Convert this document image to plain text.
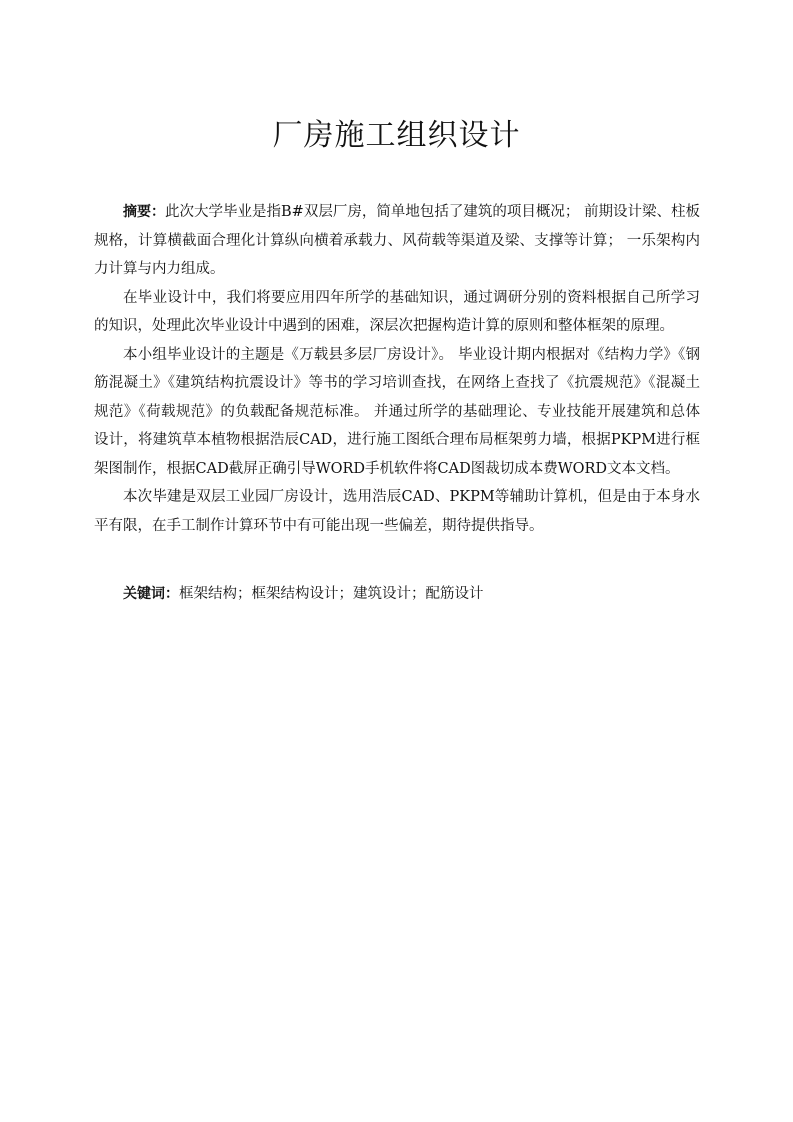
厂房施工组织设计

摘要：此次大学毕业是指B#双层厂房，简单地包括了建筑的项目概况； 前期设计梁、柱板规格，计算横截面合理化计算纵向横着承载力、风荷载等渠道及梁、支撑等计算； 一乐架构内力计算与内力组成。

在毕业设计中，我们将要应用四年所学的基础知识，通过调研分别的资料根据自己所学习的知识，处理此次毕业设计中遇到的困难，深层次把握构造计算的原则和整体框架的原理。

本小组毕业设计的主题是《万载县多层厂房设计》。 毕业设计期内根据对《结构力学》《钢筋混凝土》《建筑结构抗震设计》等书的学习培训查找，在网络上查找了《抗震规范》《混凝土规范》《荷载规范》的负载配备规范标准。 并通过所学的基础理论、专业技能开展建筑和总体设计，将建筑草本植物根据浩辰CAD，进行施工图纸合理布局框架剪力墙，根据PKPM进行框架图制作，根据CAD截屏正确引导WORD手机软件将CAD图裁切成本费WORD文本文档。

本次毕建是双层工业园厂房设计，选用浩辰CAD、PKPM等辅助计算机，但是由于本身水平有限，在手工制作计算环节中有可能出现一些偏差，期待提供指导。

关键词：框架结构；框架结构设计；建筑设计；配筋设计
